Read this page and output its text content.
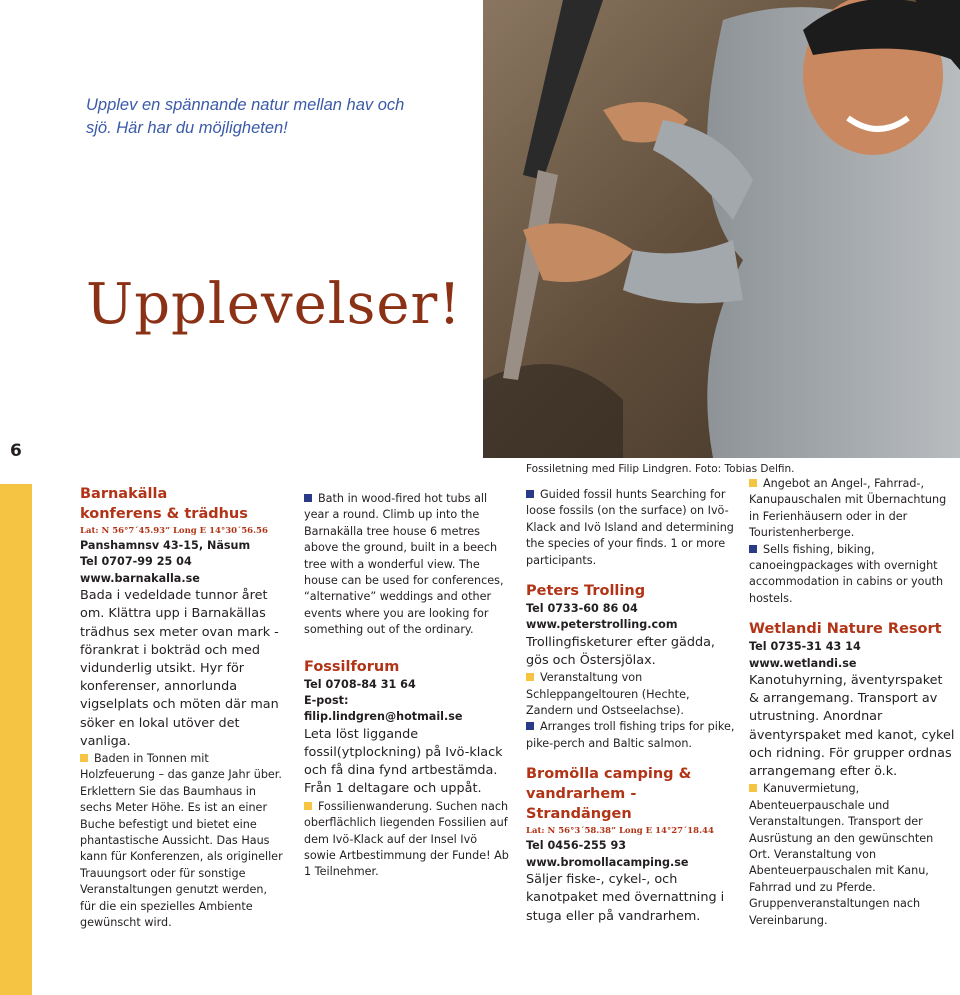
Upplev en spännande natur mellan hav och sjö. Här har du möjligheten!
Upplevelser!
6
Fossiletning med Filip Lindgren. Foto: Tobias Delfin.

Barnakälla

konferens & trädhus

Lat: N 56°7´45.93” Long E 14°30´56.56

Panshamnsv 43-15, Näsum

Tel 0707-99 25 04

www.barnakalla.se

Bada i vedeldade tunnor året om. Klättra upp i Barnakällas trädhus sex meter ovan mark - förankrat i bokträd och med vidunderlig utsikt. Hyr för konferenser, annorlunda vigselplats och möten där man söker en lokal utöver det vanliga.

Baden in Tonnen mit Holzfeuerung – das ganze Jahr über. Erklettern Sie das Baumhaus in sechs Meter Höhe. Es ist an einer Buche befestigt und bietet eine phantastische Aussicht. Das Haus kann für Konferenzen, als origineller Trauungsort oder für sonstige Veranstaltungen genutzt werden, für die ein spezielles Ambiente gewünscht wird.

Bath in wood-fired hot tubs all year a round. Climb up into the Barnakälla tree house 6 metres above the ground, built in a beech tree with a wonderful view. The house can be used for conferences, “alternative” weddings and other events where you are looking for something out of the ordinary.

Fossilforum

Tel 0708-84 31 64

E-post: filip.lindgren@hotmail.se

Leta löst liggande fossil(ytplockning) på Ivö-klack och få dina fynd artbestämda. Från 1 deltagare och uppåt.

Fossilienwanderung. Suchen nach oberflächlich liegenden Fossilien auf dem Ivö-Klack auf der Insel Ivö sowie Artbestimmung der Funde! Ab 1 Teilnehmer.

Guided fossil hunts Searching for loose fossils (on the surface) on Ivö-Klack and Ivö Island and determining the species of your finds. 1 or more participants.

Peters Trolling

Tel 0733-60 86 04

www.peterstrolling.com

Trollingfisketurer efter gädda, gös och Östersjölax.

Veranstaltung von Schleppangeltouren (Hechte, Zandern und Ostseelachse).

Arranges troll fishing trips for pike, pike-perch and Baltic salmon.

Bromölla camping &

vandrarhem - Strandängen

Lat: N 56°3´58.38” Long E 14°27´18.44

Tel 0456-255 93

www.bromollacamping.se

Säljer fiske-, cykel-, och kanotpaket med övernattning i stuga eller på vandrarhem.

Angebot an Angel-, Fahrrad-, Kanupauschalen mit Übernachtung in Ferienhäusern oder in der Touristenherberge.

Sells fishing, biking, canoeingpackages with overnight accommodation in cabins or youth hostels.

Wetlandi Nature Resort

Tel 0735-31 43 14

www.wetlandi.se

Kanotuhyrning, äventyrspaket & arrangemang. Transport av utrustning. Anordnar äventyrspaket med kanot, cykel och ridning. För grupper ordnas arrangemang efter ö.k.

Kanuvermietung, Abenteuerpauschale und Veranstaltungen. Transport der Ausrüstung an den gewünschten Ort. Veranstaltung von Abenteuerpauschalen mit Kanu, Fahrrad und zu Pferde. Gruppenveranstaltungen nach Vereinbarung.
